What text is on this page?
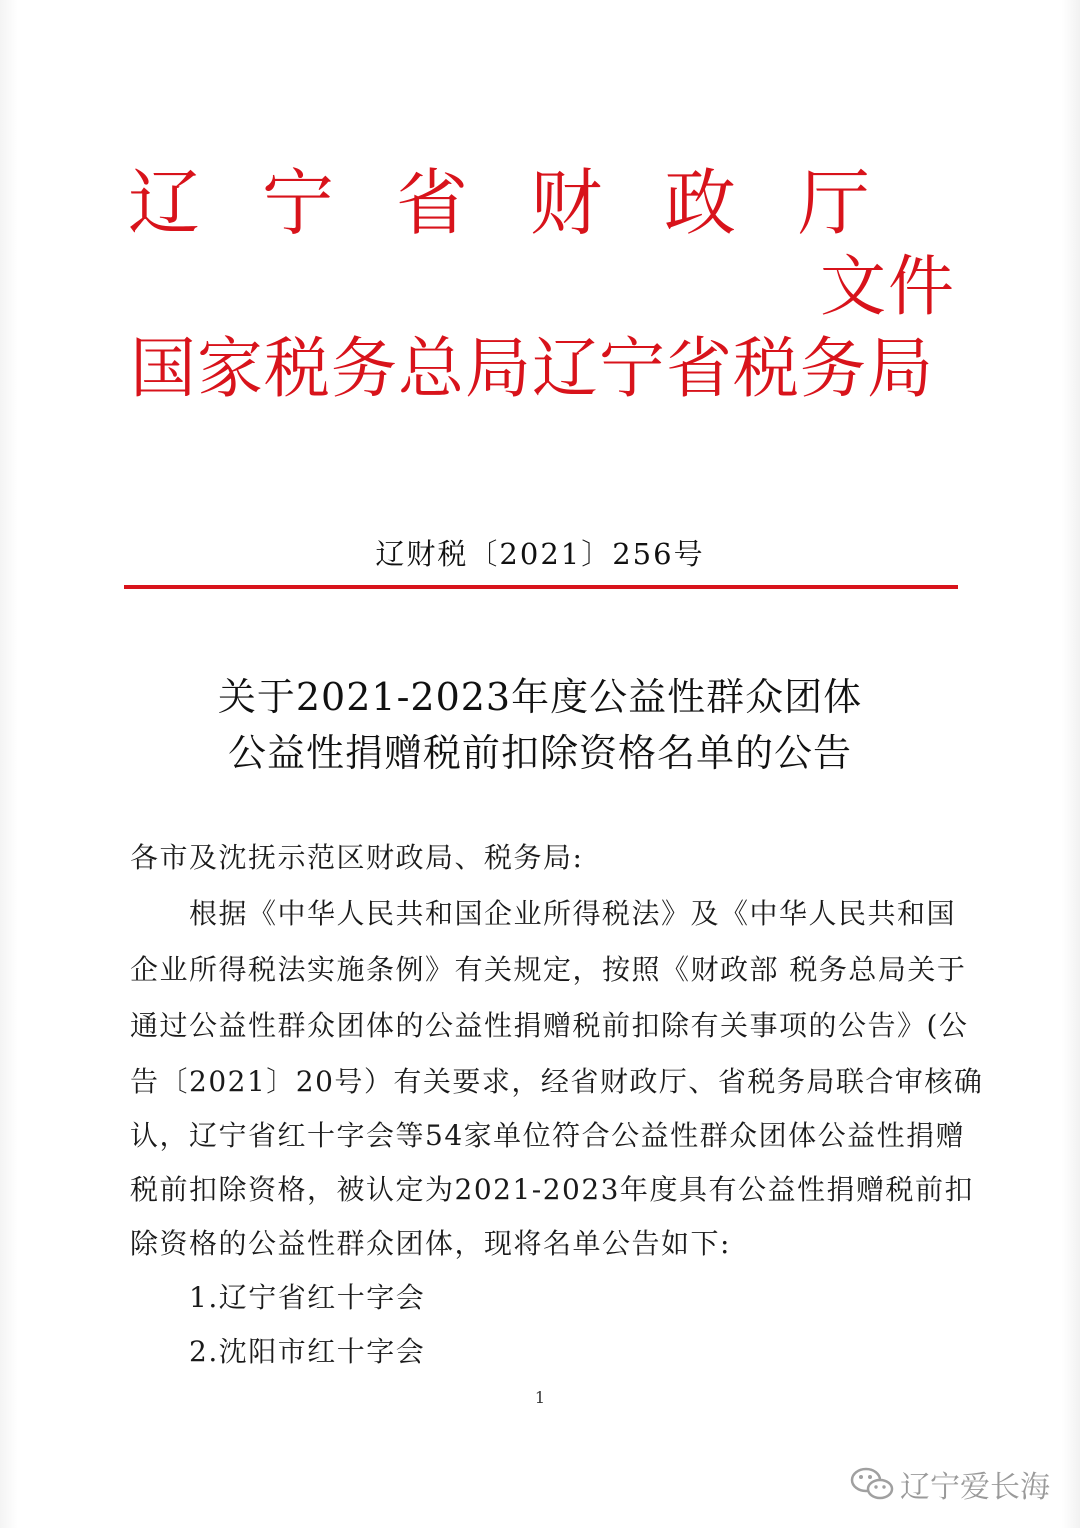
辽宁省财政厅
文件
国家税务总局辽宁省税务局
辽财税〔2021〕256号
关于2021-2023年度公益性群众团体
公益性捐赠税前扣除资格名单的公告
各市及沈抚示范区财政局、税务局:
　　根据《中华人民共和国企业所得税法》及《中华人民共和国
企业所得税法实施条例》有关规定，按照《财政部 税务总局关于
通过公益性群众团体的公益性捐赠税前扣除有关事项的公告》(公
告〔2021〕20号）有关要求，经省财政厅、省税务局联合审核确
认，辽宁省红十字会等54家单位符合公益性群众团体公益性捐赠
税前扣除资格，被认定为2021-2023年度具有公益性捐赠税前扣
除资格的公益性群众团体，现将名单公告如下:
　　1.辽宁省红十字会
　　2.沈阳市红十字会
1
辽宁爱长海
